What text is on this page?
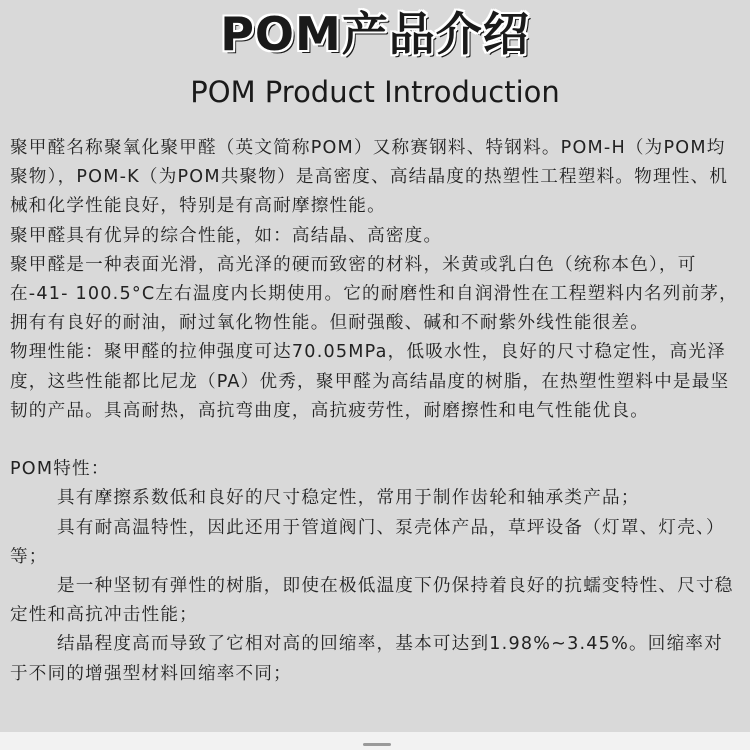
POM产品介绍
POM Product Introduction

聚甲醛名称聚氧化聚甲醛（英文简称POM）又称赛钢料、特钢料。POM-H（为POM均聚物），POM-K（为POM共聚物）是高密度、高结晶度的热塑性工程塑料。物理性、机械和化学性能良好，特别是有高耐摩擦性能。

聚甲醛具有优异的综合性能，如：高结晶、高密度。

聚甲醛是一种表面光滑，高光泽的硬而致密的材料，米黄或乳白色（统称本色），可在-41- 100.5°C左右温度内长期使用。它的耐磨性和自润滑性在工程塑料内名列前茅，拥有有良好的耐油，耐过氧化物性能。但耐强酸、碱和不耐紫外线性能很差。

物理性能：聚甲醛的拉伸强度可达70.05MPa，低吸水性，良好的尺寸稳定性，高光泽度，这些性能都比尼龙（PA）优秀，聚甲醛为高结晶度的树脂，在热塑性塑料中是最坚韧的产品。具高耐热，高抗弯曲度，高抗疲劳性，耐磨擦性和电气性能优良。

POM特性：

具有摩擦系数低和良好的尺寸稳定性，常用于制作齿轮和轴承类产品；

具有耐高温特性，因此还用于管道阀门、泵壳体产品，草坪设备（灯罩、灯壳、）等；

是一种坚韧有弹性的树脂，即使在极低温度下仍保持着良好的抗蠕变特性、尺寸稳定性和高抗冲击性能；

结晶程度高而导致了它相对高的回缩率，基本可达到1.98%~3.45%。回缩率对于不同的增强型材料回缩率不同；
